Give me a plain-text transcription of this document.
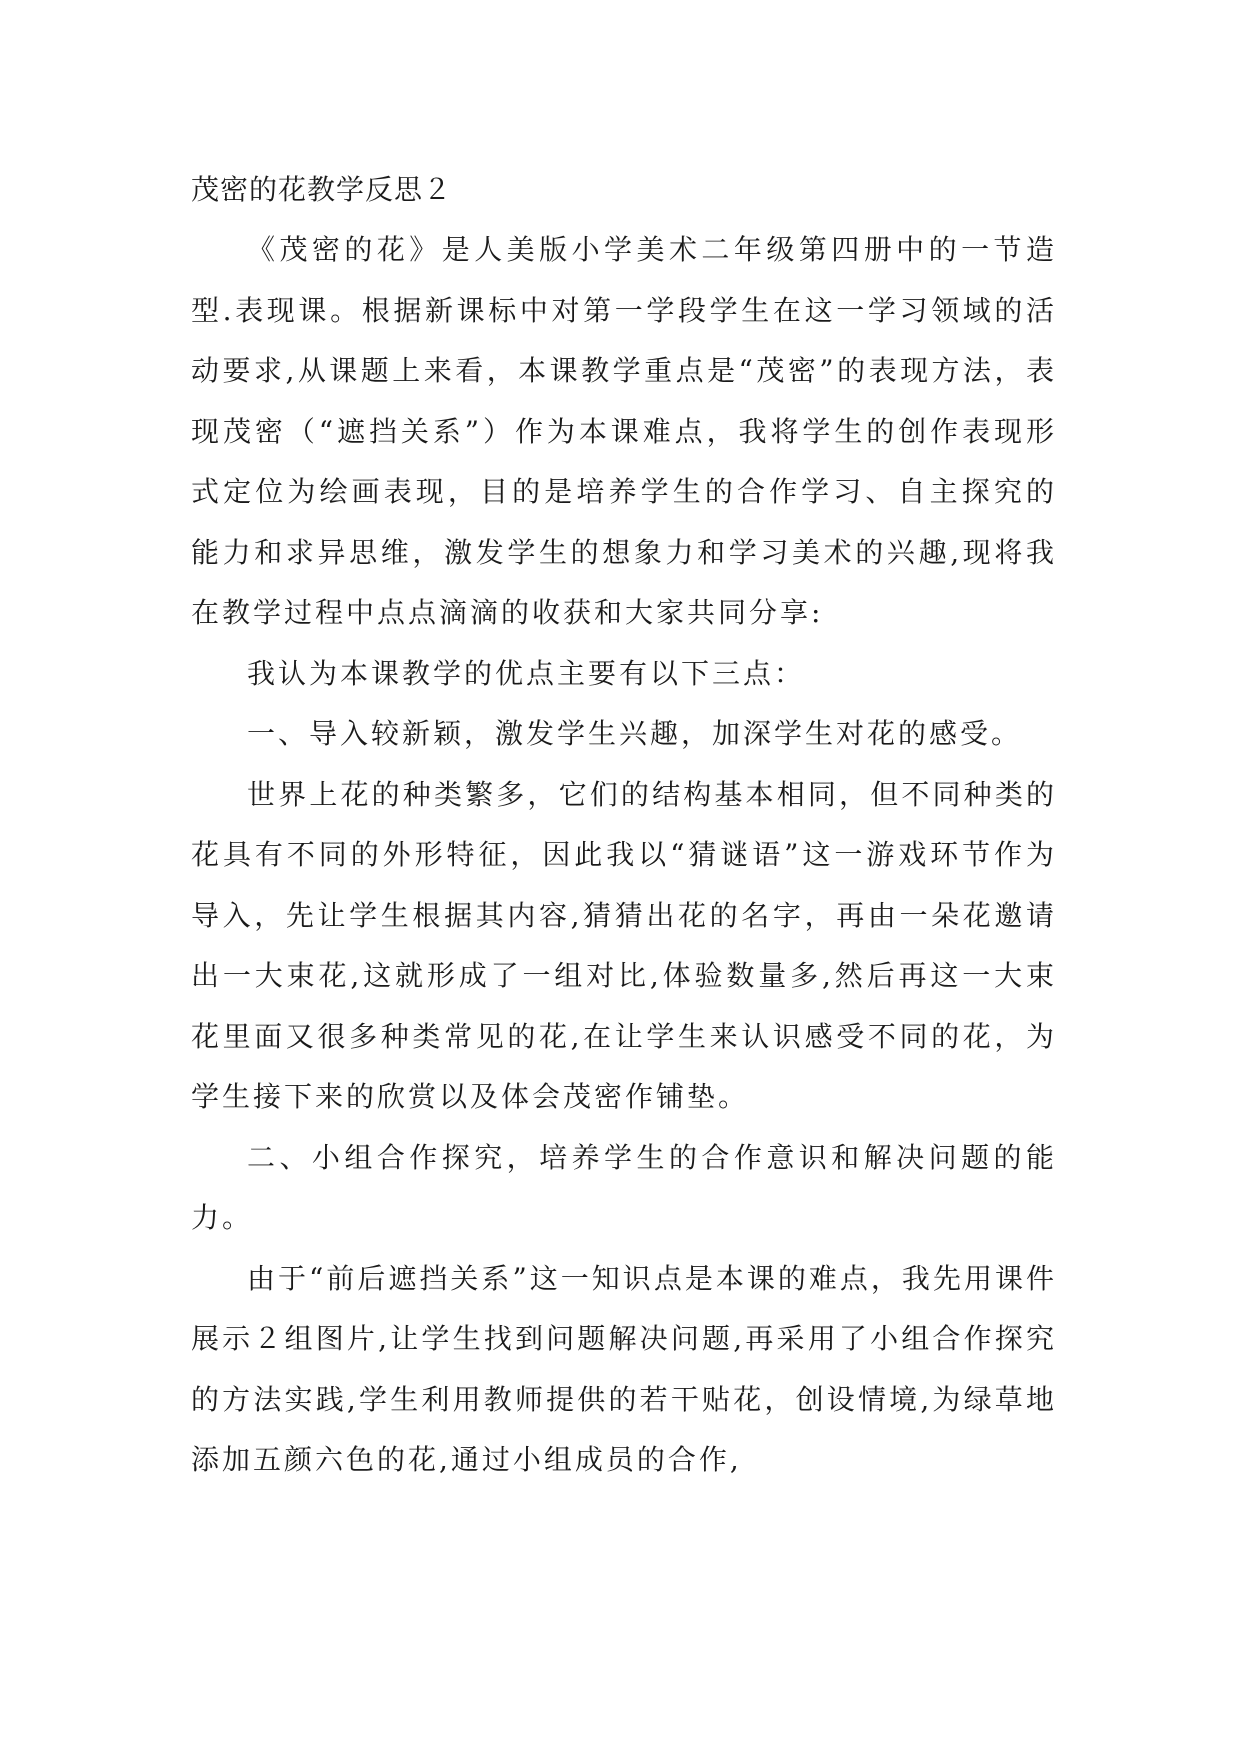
茂密的花教学反思２

《茂密的花》是人美版小学美术二年级第四册中的一节造型.表现课。根据新课标中对第一学段学生在这一学习领域的活动要求,从课题上来看，本课教学重点是“茂密”的表现方法，表现茂密（“遮挡关系”）作为本课难点，我将学生的创作表现形式定位为绘画表现，目的是培养学生的合作学习、自主探究的能力和求异思维，激发学生的想象力和学习美术的兴趣,现将我在教学过程中点点滴滴的收获和大家共同分享:

我认为本课教学的优点主要有以下三点：

一、导入较新颖，激发学生兴趣，加深学生对花的感受。

世界上花的种类繁多，它们的结构基本相同，但不同种类的花具有不同的外形特征，因此我以“猜谜语”这一游戏环节作为导入，先让学生根据其内容,猜猜出花的名字，再由一朵花邀请出一大束花,这就形成了一组对比,体验数量多,然后再这一大束花里面又很多种类常见的花,在让学生来认识感受不同的花，为学生接下来的欣赏以及体会茂密作铺垫。

二、小组合作探究，培养学生的合作意识和解决问题的能力。

由于“前后遮挡关系”这一知识点是本课的难点，我先用课件展示２组图片,让学生找到问题解决问题,再采用了小组合作探究的方法实践,学生利用教师提供的若干贴花，创设情境,为绿草地添加五颜六色的花,通过小组成员的合作,
